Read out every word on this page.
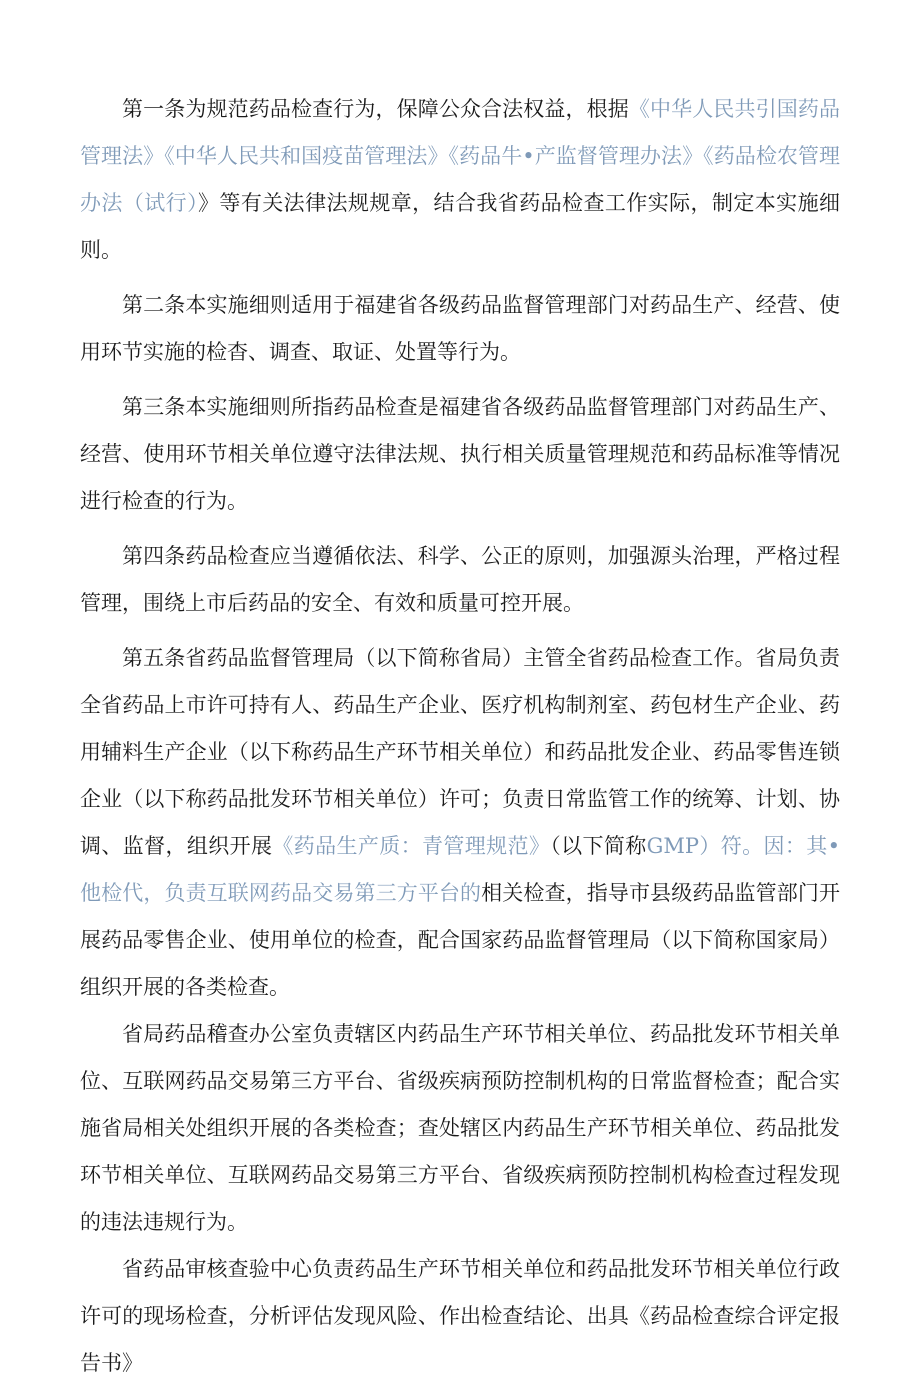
第一条为规范药品检查行为，保障公众合法权益，根据《中华人民共引国药品管理法》《中华人民共和国疫苗管理法》《药品牛•产监督管理办法》《药品检农管理办法（试行）》等有关法律法规规章，结合我省药品检查工作实际，制定本实施细则。

第二条本实施细则适用于福建省各级药品监督管理部门对药品生产、经营、使用环节实施的检杳、调查、取证、处置等行为。

第三条本实施细则所指药品检查是福建省各级药品监督管理部门对药品生产、经营、使用环节相关单位遵守法律法规、执行相关质量管理规范和药品标准等情况进行检查的行为。

第四条药品检查应当遵循依法、科学、公正的原则，加强源头治理，严格过程管理，围绕上市后药品的安全、有效和质量可控开展。

第五条省药品监督管理局（以下简称省局）主管全省药品检查工作。省局负责全省药品上市许可持有人、药品生产企业、医疗机构制剂室、药包材生产企业、药用辅料生产企业（以下称药品生产环节相关单位）和药品批发企业、药品零售连锁企业（以下称药品批发环节相关单位）许可；负责日常监管工作的统筹、计划、协调、监督，组织开展《药品生产质：青管理规范》（以下简称GMP）符。因：其•他检代，负责互联网药品交易第三方平台的相关检查，指导市县级药品监管部门开展药品零售企业、使用单位的检查，配合国家药品监督管理局（以下简称国家局）组织开展的各类检查。

省局药品稽查办公室负责辖区内药品生产环节相关单位、药品批发环节相关单位、互联网药品交易第三方平台、省级疾病预防控制机构的日常监督检查；配合实施省局相关处组织开展的各类检查；查处辖区内药品生产环节相关单位、药品批发环节相关单位、互联网药品交易第三方平台、省级疾病预防控制机构检查过程发现的违法违规行为。

省药品审核查验中心负责药品生产环节相关单位和药品批发环节相关单位行政许可的现场检查，分析评估发现风险、作出检查结论、出具《药品检查综合评定报告书》
